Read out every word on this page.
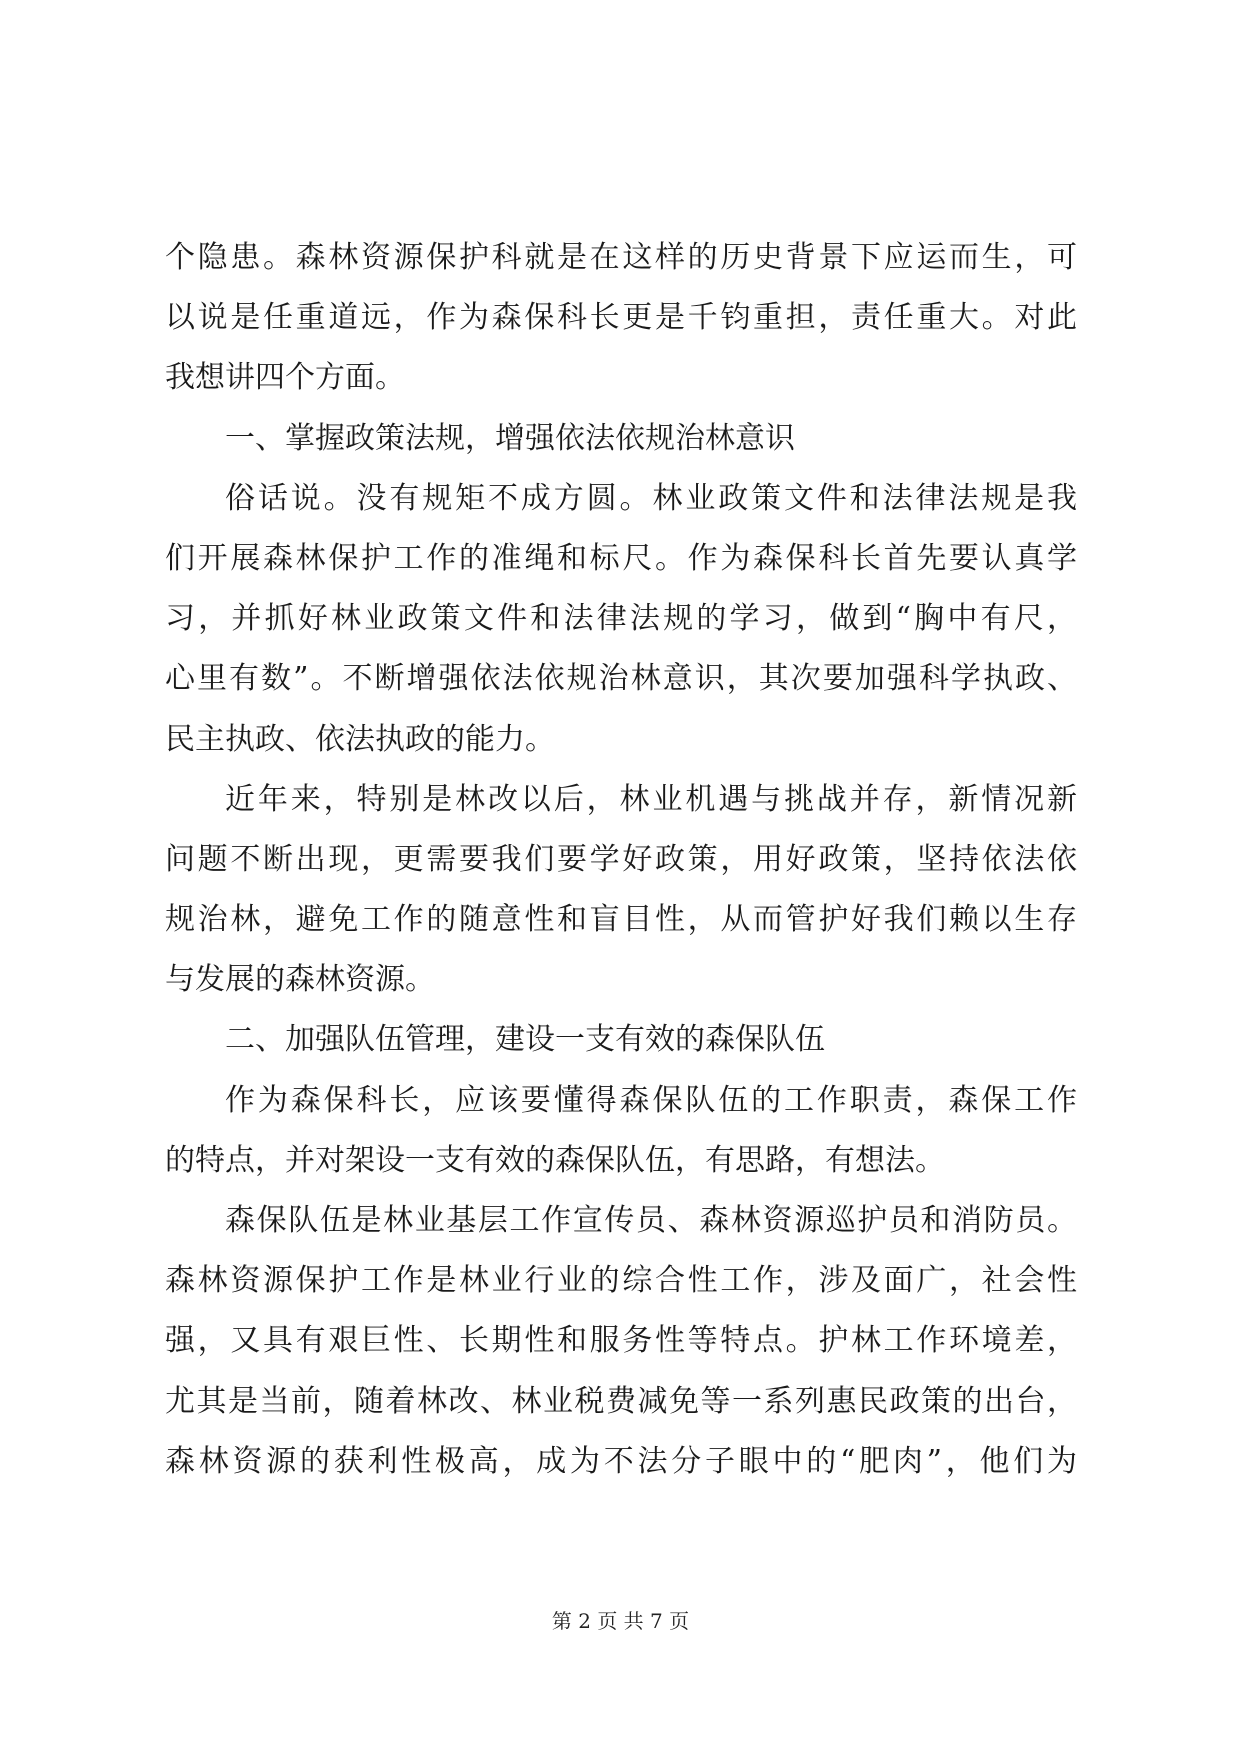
个隐患。森林资源保护科就是在这样的历史背景下应运而生，可
以说是任重道远，作为森保科长更是千钧重担，责任重大。对此
我想讲四个方面。
一、掌握政策法规，增强依法依规治林意识
俗话说。没有规矩不成方圆。林业政策文件和法律法规是我
们开展森林保护工作的准绳和标尺。作为森保科长首先要认真学
习，并抓好林业政策文件和法律法规的学习，做到“胸中有尺，
心里有数”。不断增强依法依规治林意识，其次要加强科学执政、
民主执政、依法执政的能力。
近年来，特别是林改以后，林业机遇与挑战并存，新情况新
问题不断出现，更需要我们要学好政策，用好政策，坚持依法依
规治林，避免工作的随意性和盲目性，从而管护好我们赖以生存
与发展的森林资源。
二、加强队伍管理，建设一支有效的森保队伍
作为森保科长，应该要懂得森保队伍的工作职责，森保工作
的特点，并对架设一支有效的森保队伍，有思路，有想法。
森保队伍是林业基层工作宣传员、森林资源巡护员和消防员。
森林资源保护工作是林业行业的综合性工作，涉及面广，社会性
强，又具有艰巨性、长期性和服务性等特点。护林工作环境差，
尤其是当前，随着林改、林业税费减免等一系列惠民政策的出台，
森林资源的获利性极高，成为不法分子眼中的“肥肉”，他们为
第 2 页 共 7 页
